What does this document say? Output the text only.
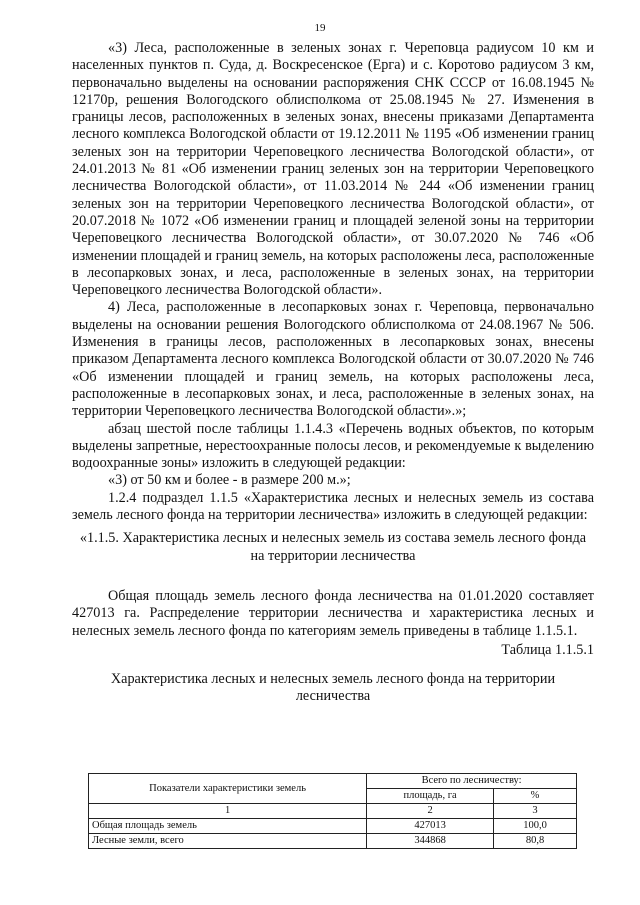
19

«3) Леса, расположенные в зеленых зонах г. Череповца радиусом 10 км и населенных пунктов п. Суда, д. Воскресенское (Ерга) и с. Коротово радиусом 3 км, первоначально выделены на основании распоряжения СНК СССР от 16.08.1945 № 12170р, решения Вологодского облисполкома от 25.08.1945 № 27. Изменения в границы лесов, расположенных в зеленых зонах, внесены приказами Департамента лесного комплекса Вологодской области от 19.12.2011 № 1195 «Об изменении границ зеленых зон на территории Череповецкого лесничества Вологодской области», от 24.01.2013 № 81 «Об изменении границ зеленых зон на территории Череповецкого лесничества Вологодской области», от 11.03.2014 № 244 «Об изменении границ зеленых зон на территории Череповецкого лесничества Вологодской области», от 20.07.2018 № 1072 «Об изменении границ и площадей зеленой зоны на территории Череповецкого лесничества Вологодской области», от 30.07.2020 № 746 «Об изменении площадей и границ земель, на которых расположены леса, расположенные в лесопарковых зонах, и леса, расположенные в зеленых зонах, на территории Череповецкого лесничества Вологодской области».

4) Леса, расположенные в лесопарковых зонах г. Череповца, первоначально выделены на основании решения Вологодского облисполкома от 24.08.1967 № 506. Изменения в границы лесов, расположенных в лесопарковых зонах, внесены приказом Департамента лесного комплекса Вологодской области от 30.07.2020 № 746 «Об изменении площадей и границ земель, на которых расположены леса, расположенные в лесопарковых зонах, и леса, расположенные в зеленых зонах, на территории Череповецкого лесничества Вологодской области».»;

абзац шестой после таблицы 1.1.4.3 «Перечень водных объектов, по которым выделены запретные, нерестоохранные полосы лесов, и рекомендуемые к выделению водоохранные зоны» изложить в следующей редакции:

«3) от 50 км и более - в размере 200 м.»;

1.2.4 подраздел 1.1.5 «Характеристика лесных и нелесных земель из состава земель лесного фонда на территории лесничества» изложить в следующей редакции:

«1.1.5. Характеристика лесных и нелесных земель из состава земель лесного фонда на территории лесничества

Общая площадь земель лесного фонда лесничества на 01.01.2020 составляет 427013 га. Распределение территории лесничества и характеристика лесных и нелесных земель лесного фонда по категориям земель приведены в таблице 1.1.5.1.

Таблица 1.1.5.1

Характеристика лесных и нелесных земель лесного фонда на территории лесничества

Показатели характеристики земель	Всего по лесничеству:	
	площадь, га	%
1	2	3
Общая площадь земель	427013	100,0
Лесные земли, всего	344868	80,8
